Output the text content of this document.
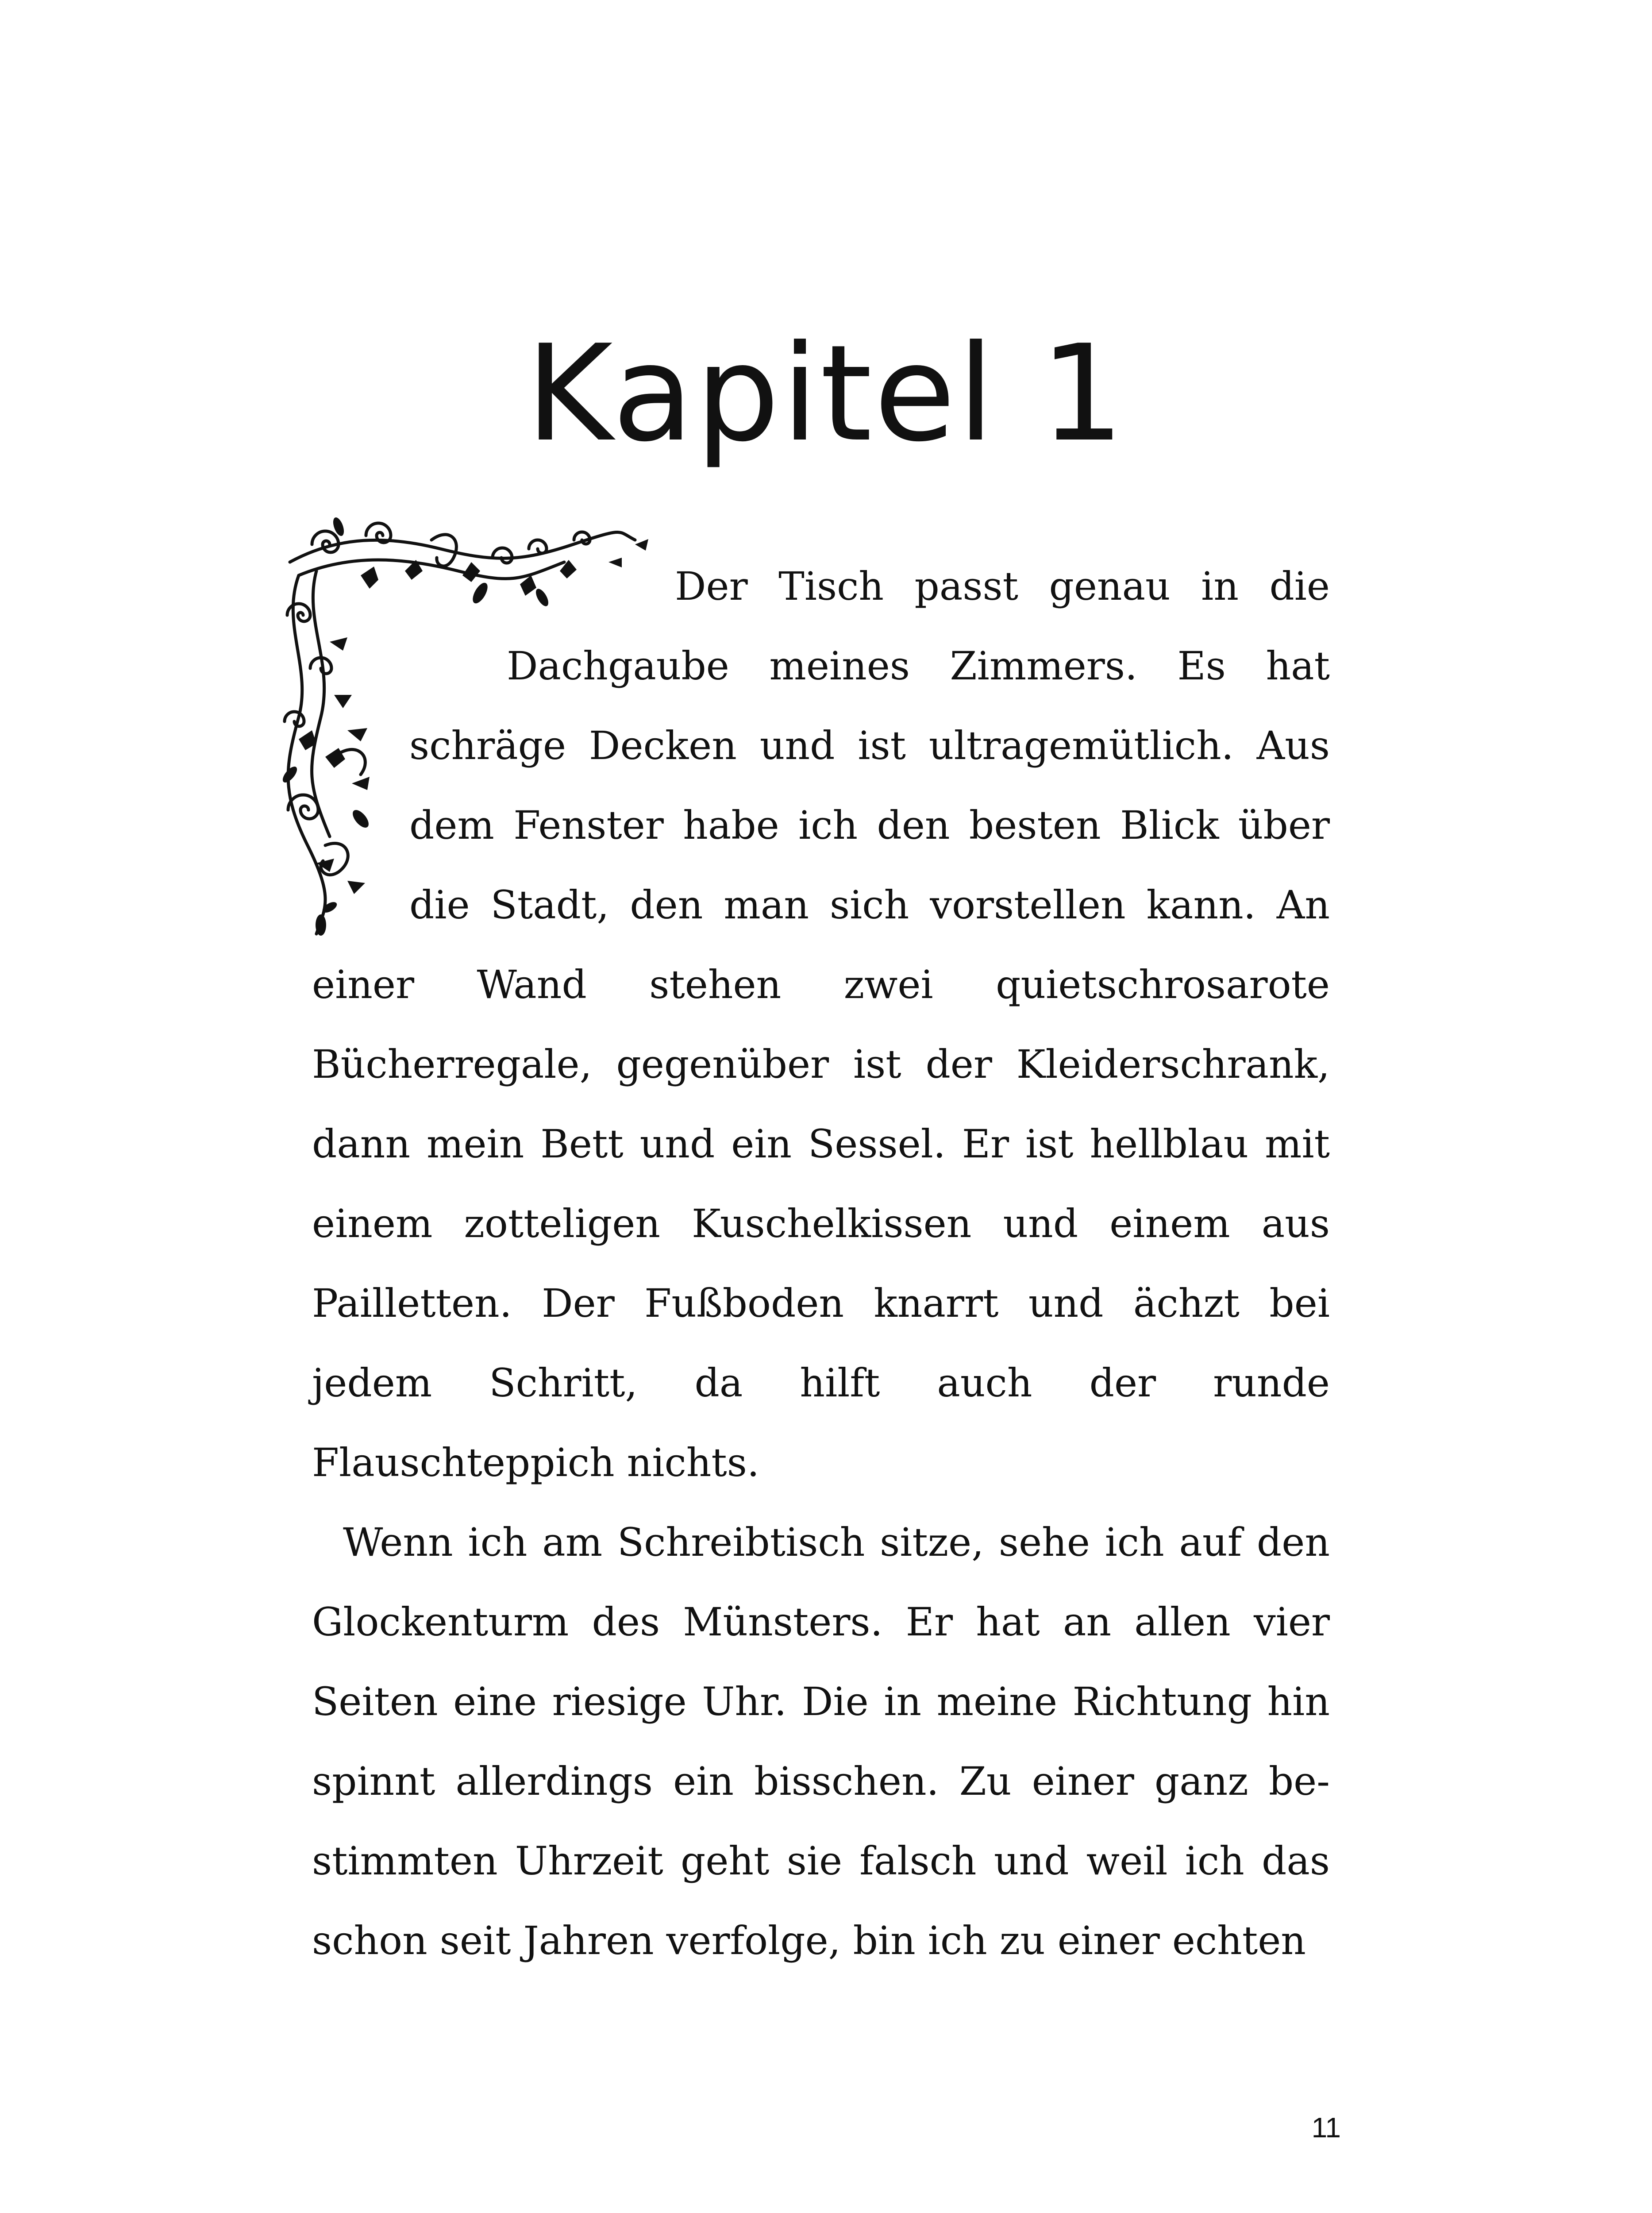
Kapitel 1

Der Tisch passt genau in die Dachgaube meines Zimmers. Es hat schräge Decken und ist ultragemütlich. Aus dem Fenster habe ich den besten Blick über die Stadt, den man sich vorstellen kann. An einer Wand stehen zwei quietschrosarote Bücherregale, gegenüber ist der Kleiderschrank, dann mein Bett und ein Sessel. Er ist hellblau mit einem zotteligen Kuschelkissen und einem aus Pailletten. Der Fußboden knarrt und ächzt bei jedem Schritt, da hilft auch der runde Flauschteppich nichts.

Wenn ich am Schreibtisch sitze, sehe ich auf den Glockenturm des Münsters. Er hat an allen vier Seiten eine riesige Uhr. Die in meine Richtung hin spinnt allerdings ein bisschen. Zu einer ganz bestimmten Uhrzeit geht sie falsch und weil ich das schon seit Jahren verfolge, bin ich zu einer echten

11
